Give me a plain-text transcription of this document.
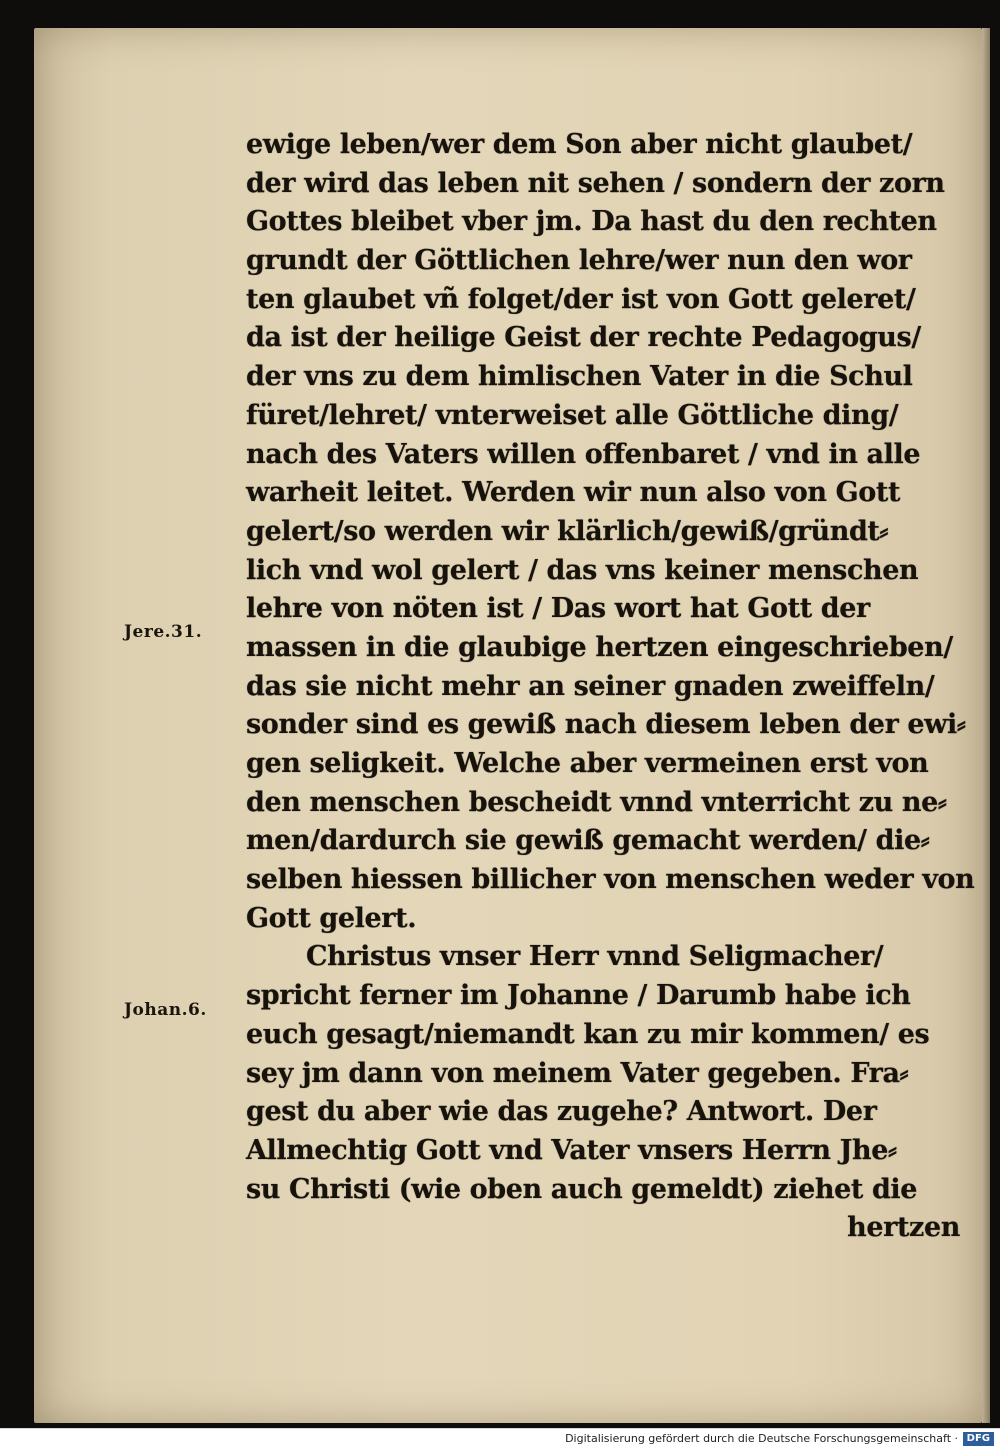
Jere.31.
Johan.6.
ewige leben/wer dem Son aber nicht glaubet/
der wird das leben nit sehen / sondern der zorn
Gottes bleibet vber jm. Da hast du den rechten
grundt der Göttlichen lehre/wer nun den wor
ten glaubet vñ folget/der ist von Gott geleret/
da ist der heilige Geist der rechte Pedagogus/
der vns zu dem himlischen Vater in die Schul
füret/lehret/ vnterweiset alle Göttliche ding/
nach des Vaters willen offenbaret / vnd in alle
warheit leitet. Werden wir nun also von Gott
gelert/so werden wir klärlich/gewiß/gründt⸗
lich vnd wol gelert / das vns keiner menschen
lehre von nöten ist / Das wort hat Gott der
massen in die glaubige hertzen eingeschrieben/
das sie nicht mehr an seiner gnaden zweiffeln/
sonder sind es gewiß nach diesem leben der ewi⸗
gen seligkeit. Welche aber vermeinen erst von
den menschen bescheidt vnnd vnterricht zu ne⸗
men/dardurch sie gewiß gemacht werden/ die⸗
selben hiessen billicher von menschen weder von
Gott gelert.
Christus vnser Herr vnnd Seligmacher/
spricht ferner im Johanne / Darumb habe ich
euch gesagt/niemandt kan zu mir kommen/ es
sey jm dann von meinem Vater gegeben. Fra⸗
gest du aber wie das zugehe? Antwort. Der
Allmechtig Gott vnd Vater vnsers Herrn Jhe⸗
su Christi (wie oben auch gemeldt) ziehet die
hertzen
Digitalisierung gefördert durch die Deutsche Forschungsgemeinschaft · DFG
